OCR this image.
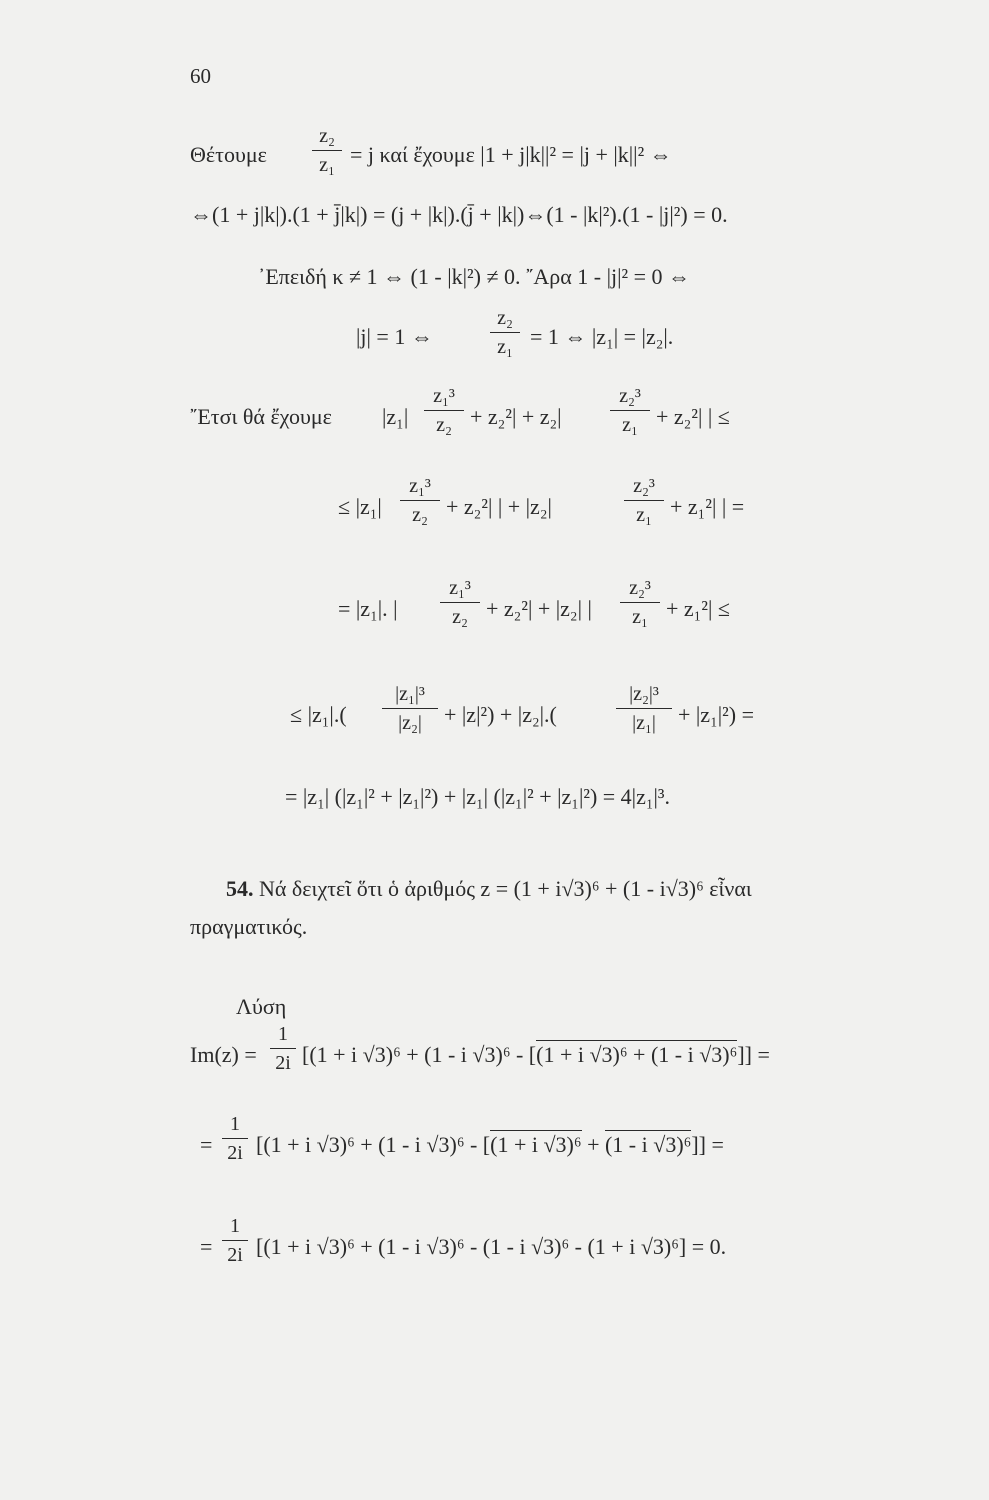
60
Θέτουμε
z₂
z₁ = j καί ἔχουμε |1 + j|k||² = |j + |k||² ⇔
⇔(1 + j|k|).(1 + j̄|k|) = (j + |k|).(j̄ + |k|)⇔(1 - |k|²).(1 - |j|²) = 0.
᾿Επειδή κ ≠ 1 ⇔ (1 - |k|²) ≠ 0. ῎Αρα 1 - |j|² = 0 ⇔
|j| = 1 ⇔
z₂
z₁ = 1 ⇔ |z₁| = |z₂|.
῎Ετσι θά ἔχουμε |z₁|
z₁³
z₂ + z₂²| + z₂|
z₂³
z₁ + z₂²| | ≤
≤ |z₁|
z₁³
z₂ + z₂²| | + |z₂|
z₂³
z₁ + z₁²| | =
= |z₁|. |
z₁³
z₂ + z₂²| + |z₂| |
z₂³
z₁ + z₁²| ≤
≤ |z₁|.(
|z₁|³
|z₂|	+ |z|²) + |z₂|.(
|z₂|³
|z₁|	+ |z₁|²) =
= |z₁| (|z₁|² + |z₁|²) + |z₁| (|z₁|² + |z₁|²) = 4|z₁|³.
54. Νά δειχτεῖ ὅτι ὁ ἀριθμός z = (1 + i√3)⁶ + (1 - i√3)⁶ εἶναι
πραγματικός.
Λύση
Im(z) =
1
2i [(1 + i √3)⁶ + (1 - i √3)⁶ - [(1 + i √3)⁶ + (1 - i √3)⁶]] =
=
1
2i [(1 + i √3)⁶ + (1 - i √3)⁶ - [(1 + i √3)⁶ + (1 - i √3)⁶]] =
=
1
2i [(1 + i √3)⁶ + (1 - i √3)⁶ - (1 - i √3)⁶ - (1 + i √3)⁶] = 0.
